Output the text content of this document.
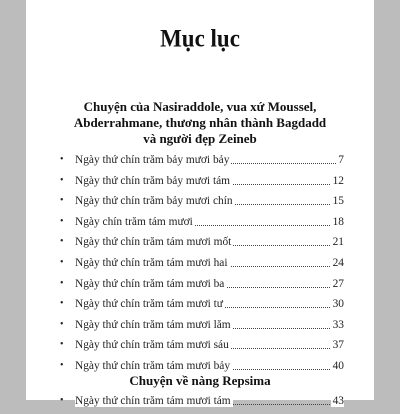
Mục lục
Chuyện của Nasiraddole, vua xứ Moussel,
Abderrahmane, thương nhân thành Bagdadd
và người đẹp Zeineb
• Ngày thứ chín trăm bảy mươi bảy	7
• Ngày thứ chín trăm bảy mươi tám	12
• Ngày thứ chín trăm bảy mươi chín	15
• Ngày chín trăm tám mươi	18
• Ngày thứ chín trăm tám mươi mốt	21
• Ngày thứ chín trăm tám mươi hai	24
• Ngày thứ chín trăm tám mươi ba	27
• Ngày thứ chín trăm tám mươi tư	30
• Ngày thứ chín trăm tám mươi lăm	33
• Ngày thứ chín trăm tám mươi sáu	37
• Ngày thứ chín trăm tám mươi bảy	40
Chuyện về nàng Repsima
• Ngày thứ chín trăm tám mươi tám	43
